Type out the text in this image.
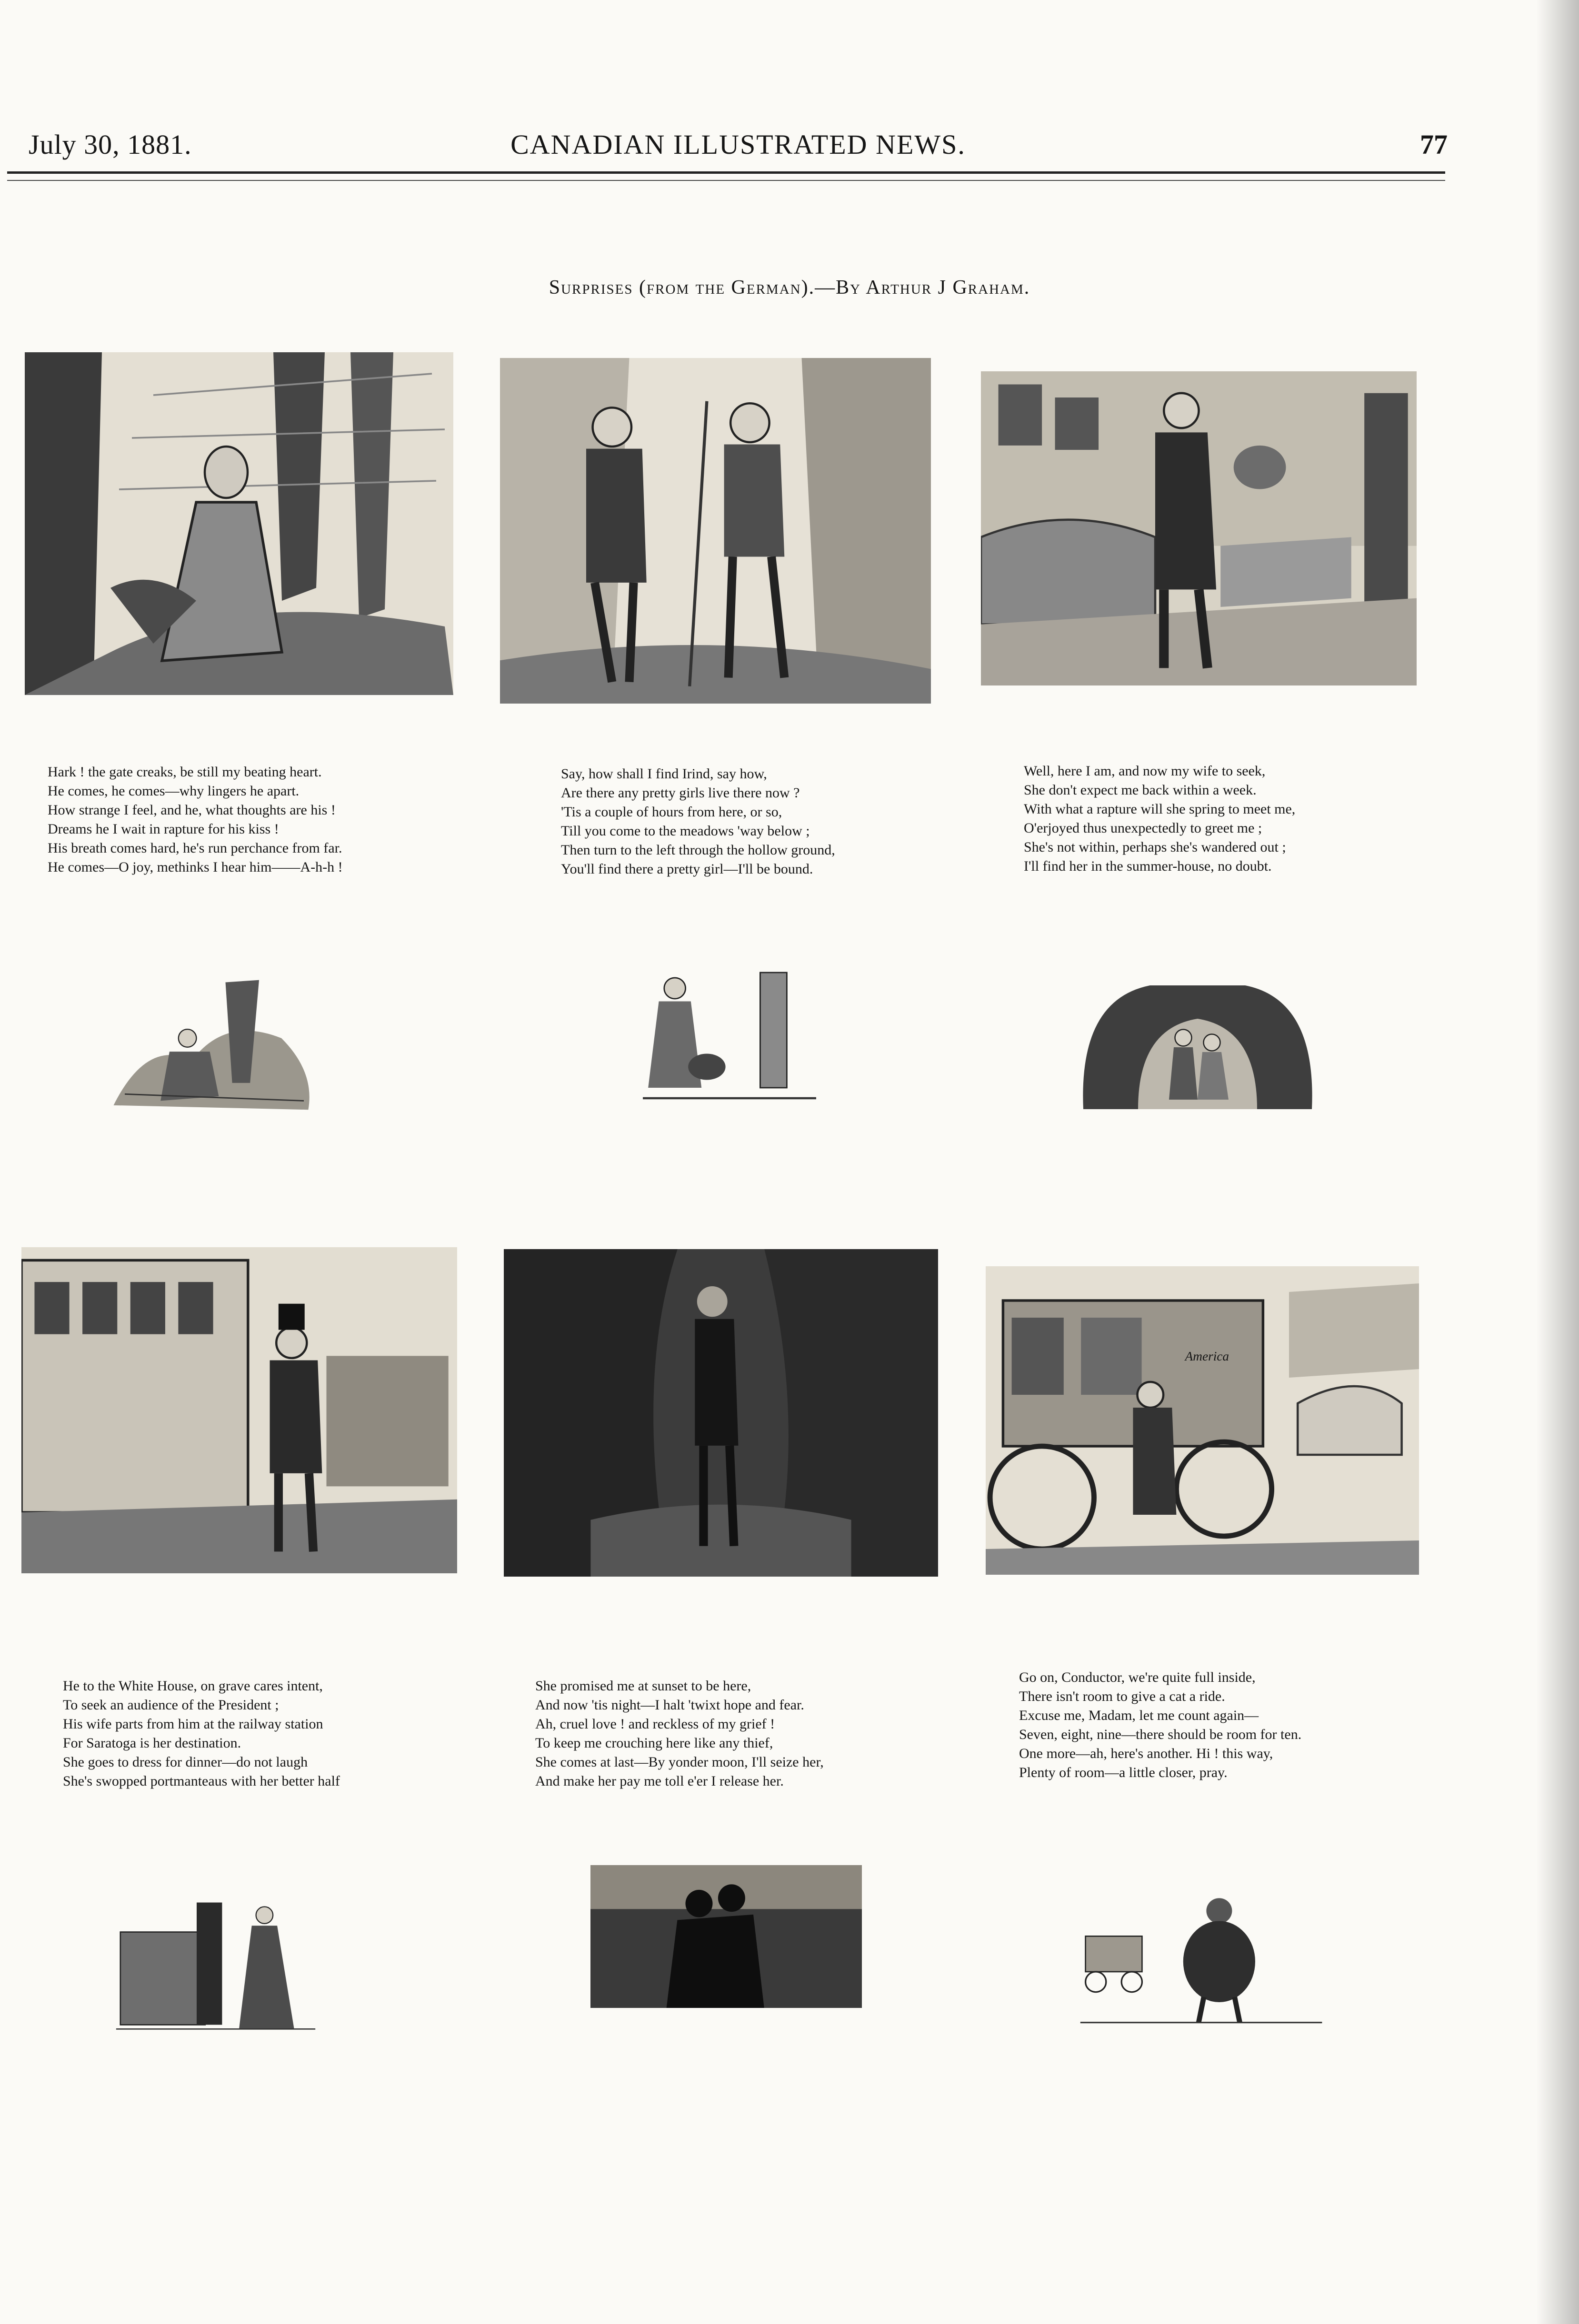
July 30, 1881.	CANADIAN ILLUSTRATED NEWS.	77
Surprises (from the German).—By Arthur J Graham.
Hark ! the gate creaks, be still my beating heart.
He comes, he comes—why lingers he apart.
How strange I feel, and he, what thoughts are his !
Dreams he I wait in rapture for his kiss !
His breath comes hard, he's run perchance from far.
He comes—O joy, methinks I hear him——A-h-h !
Say, how shall I find Irind, say how,
Are there any pretty girls live there now ?
'Tis a couple of hours from here, or so,
Till you come to the meadows 'way below ;
Then turn to the left through the hollow ground,
You'll find there a pretty girl—I'll be bound.
Well, here I am, and now my wife to seek,
She don't expect me back within a week.
With what a rapture will she spring to meet me,
O'erjoyed thus unexpectedly to greet me ;
She's not within, perhaps she's wandered out ;
I'll find her in the summer-house, no doubt.
America
He to the White House, on grave cares intent,
To seek an audience of the President ;
His wife parts from him at the railway station
For Saratoga is her destination.
She goes to dress for dinner—do not laugh
She's swopped portmanteaus with her better half
She promised me at sunset to be here,
And now 'tis night—I halt 'twixt hope and fear.
Ah, cruel love ! and reckless of my grief !
To keep me crouching here like any thief,
She comes at last—By yonder moon, I'll seize her,
And make her pay me toll e'er I release her.
Go on, Conductor, we're quite full inside,
There isn't room to give a cat a ride.
Excuse me, Madam, let me count again—
Seven, eight, nine—there should be room for ten.
One more—ah, here's another. Hi ! this way,
Plenty of room—a little closer, pray.
